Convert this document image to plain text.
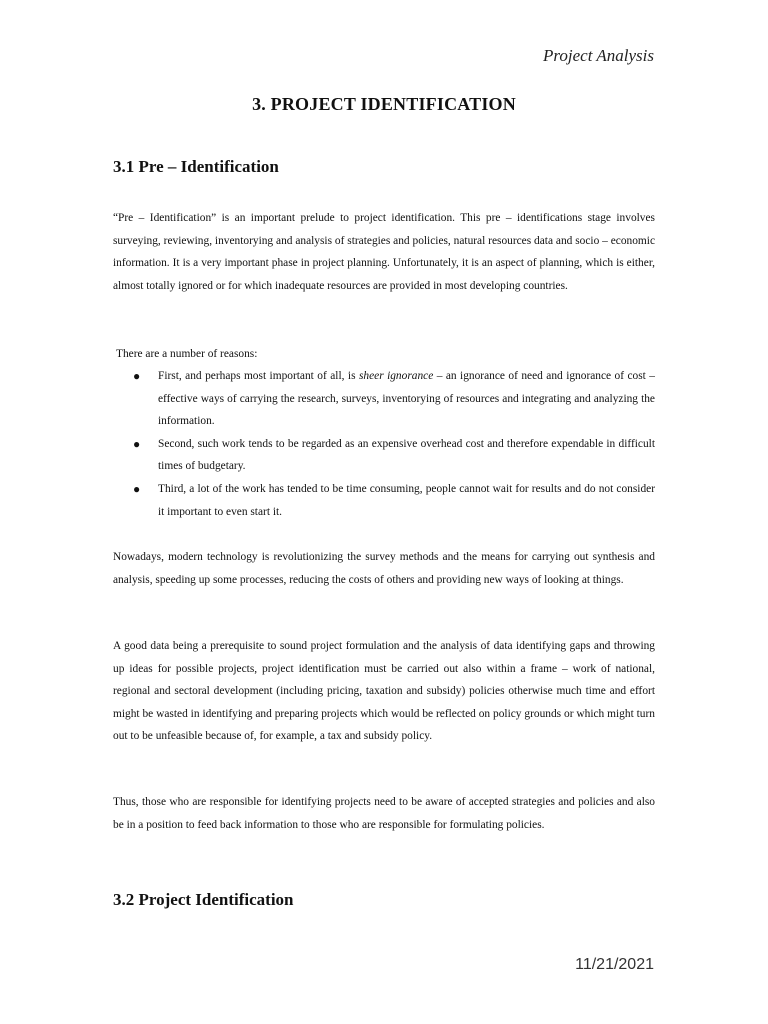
Project Analysis
3. PROJECT IDENTIFICATION
3.1 Pre – Identification

“Pre – Identification” is an important prelude to project identification. This pre – identifications stage involves surveying, reviewing, inventorying and analysis of strategies and policies, natural resources data and socio – economic information. It is a very important phase in project planning. Unfortunately, it is an aspect of planning, which is either, almost totally ignored or for which inadequate resources are provided in most developing countries.

There are a number of reasons:
● First, and perhaps most important of all, is sheer ignorance – an ignorance of need and ignorance of cost – effective ways of carrying the research, surveys, inventorying of resources and integrating and analyzing the information.
● Second, such work tends to be regarded as an expensive overhead cost and therefore expendable in difficult times of budgetary.
● Third, a lot of the work has tended to be time consuming, people cannot wait for results and do not consider it important to even start it.

Nowadays, modern technology is revolutionizing the survey methods and the means for carrying out synthesis and analysis, speeding up some processes, reducing the costs of others and providing new ways of looking at things.

A good data being a prerequisite to sound project formulation and the analysis of data identifying gaps and throwing up ideas for possible projects, project identification must be carried out also within a frame – work of national, regional and sectoral development (including pricing, taxation and subsidy) policies otherwise much time and effort might be wasted in identifying and preparing projects which would be reflected on policy grounds or which might turn out to be unfeasible because of, for example, a tax and subsidy policy.

Thus, those who are responsible for identifying projects need to be aware of accepted strategies and policies and also be in a position to feed back information to those who are responsible for formulating policies.

3.2 Project Identification
11/21/2021
